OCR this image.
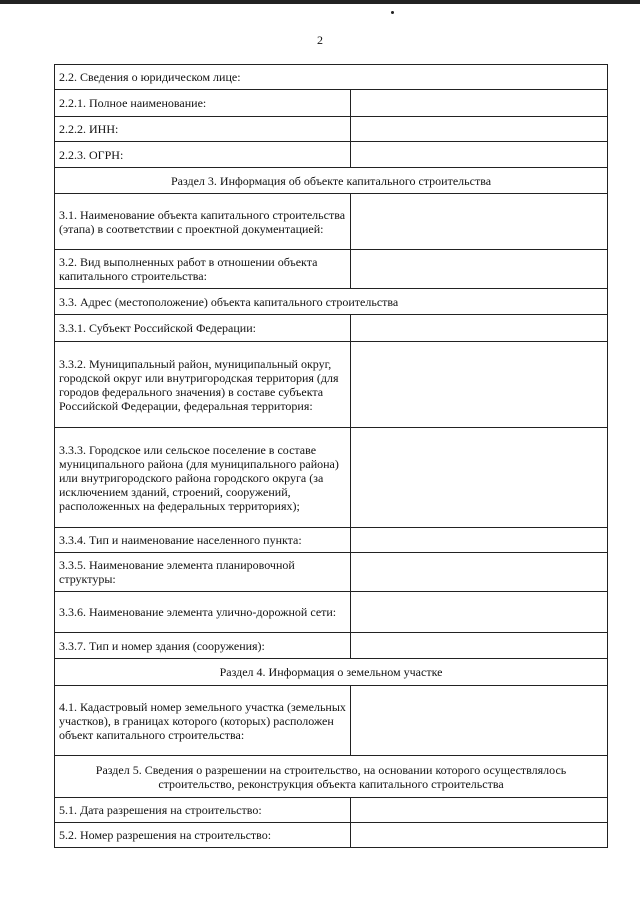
2
2.2. Сведения о юридическом лице:	
2.2.1. Полное наименование:	
2.2.2. ИНН:	
2.2.3. ОГРН:	
Раздел 3. Информация об объекте капитального строительства	
3.1. Наименование объекта капитального строительства (этапа) в соответствии с проектной документацией:	
3.2. Вид выполненных работ в отношении объекта капитального строительства:	
3.3. Адрес (местоположение) объекта капитального строительства	
3.3.1. Субъект Российской Федерации:	
3.3.2. Муниципальный район, муниципальный округ, городской округ или внутригородская территория (для городов федерального значения) в составе субъекта Российской Федерации, федеральная территория:	
3.3.3. Городское или сельское поселение в составе муниципального района (для муниципального района) или внутригородского района городского округа (за исключением зданий, строений, сооружений, расположенных на федеральных территориях);	
3.3.4. Тип и наименование населенного пункта:	
3.3.5. Наименование элемента планировочной структуры:	
3.3.6. Наименование элемента улично-дорожной сети:	
3.3.7. Тип и номер здания (сооружения):	
Раздел 4. Информация о земельном участке	
4.1. Кадастровый номер земельного участка (земельных участков), в границах которого (которых) расположен объект капитального строительства:	
Раздел 5. Сведения о разрешении на строительство, на основании которого осуществлялось строительство, реконструкция объекта капитального строительства	
5.1. Дата разрешения на строительство:	
5.2. Номер разрешения на строительство:	
